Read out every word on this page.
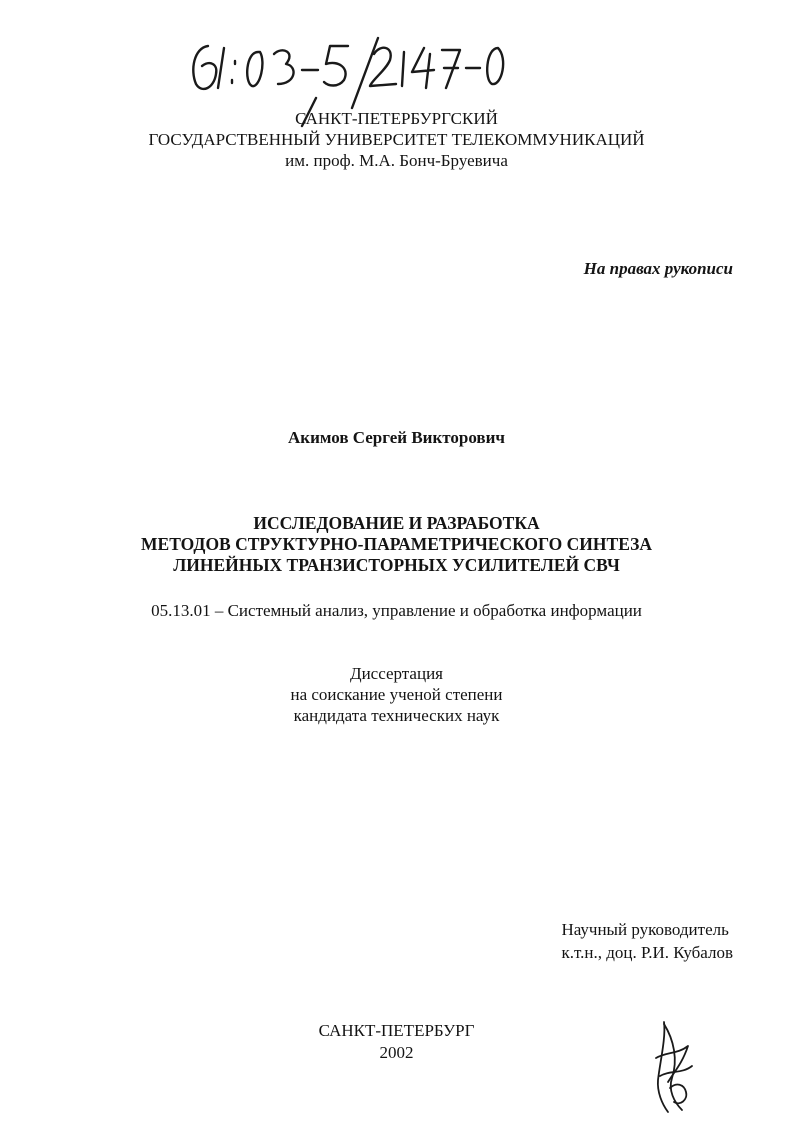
САНКТ-ПЕТЕРБУРГСКИЙ
ГОСУДАРСТВЕННЫЙ УНИВЕРСИТЕТ ТЕЛЕКОММУНИКАЦИЙ
им. проф. М.А. Бонч-Бруевича
На правах рукописи
Акимов Сергей Викторович
ИССЛЕДОВАНИЕ И РАЗРАБОТКА
МЕТОДОВ СТРУКТУРНО-ПАРАМЕТРИЧЕСКОГО СИНТЕЗА
ЛИНЕЙНЫХ ТРАНЗИСТОРНЫХ УСИЛИТЕЛЕЙ СВЧ
05.13.01 – Системный анализ, управление и обработка информации
Диссертация
на соискание ученой степени
кандидата технических наук
Научный руководитель
к.т.н., доц. Р.И. Кубалов
САНКТ-ПЕТЕРБУРГ
2002
